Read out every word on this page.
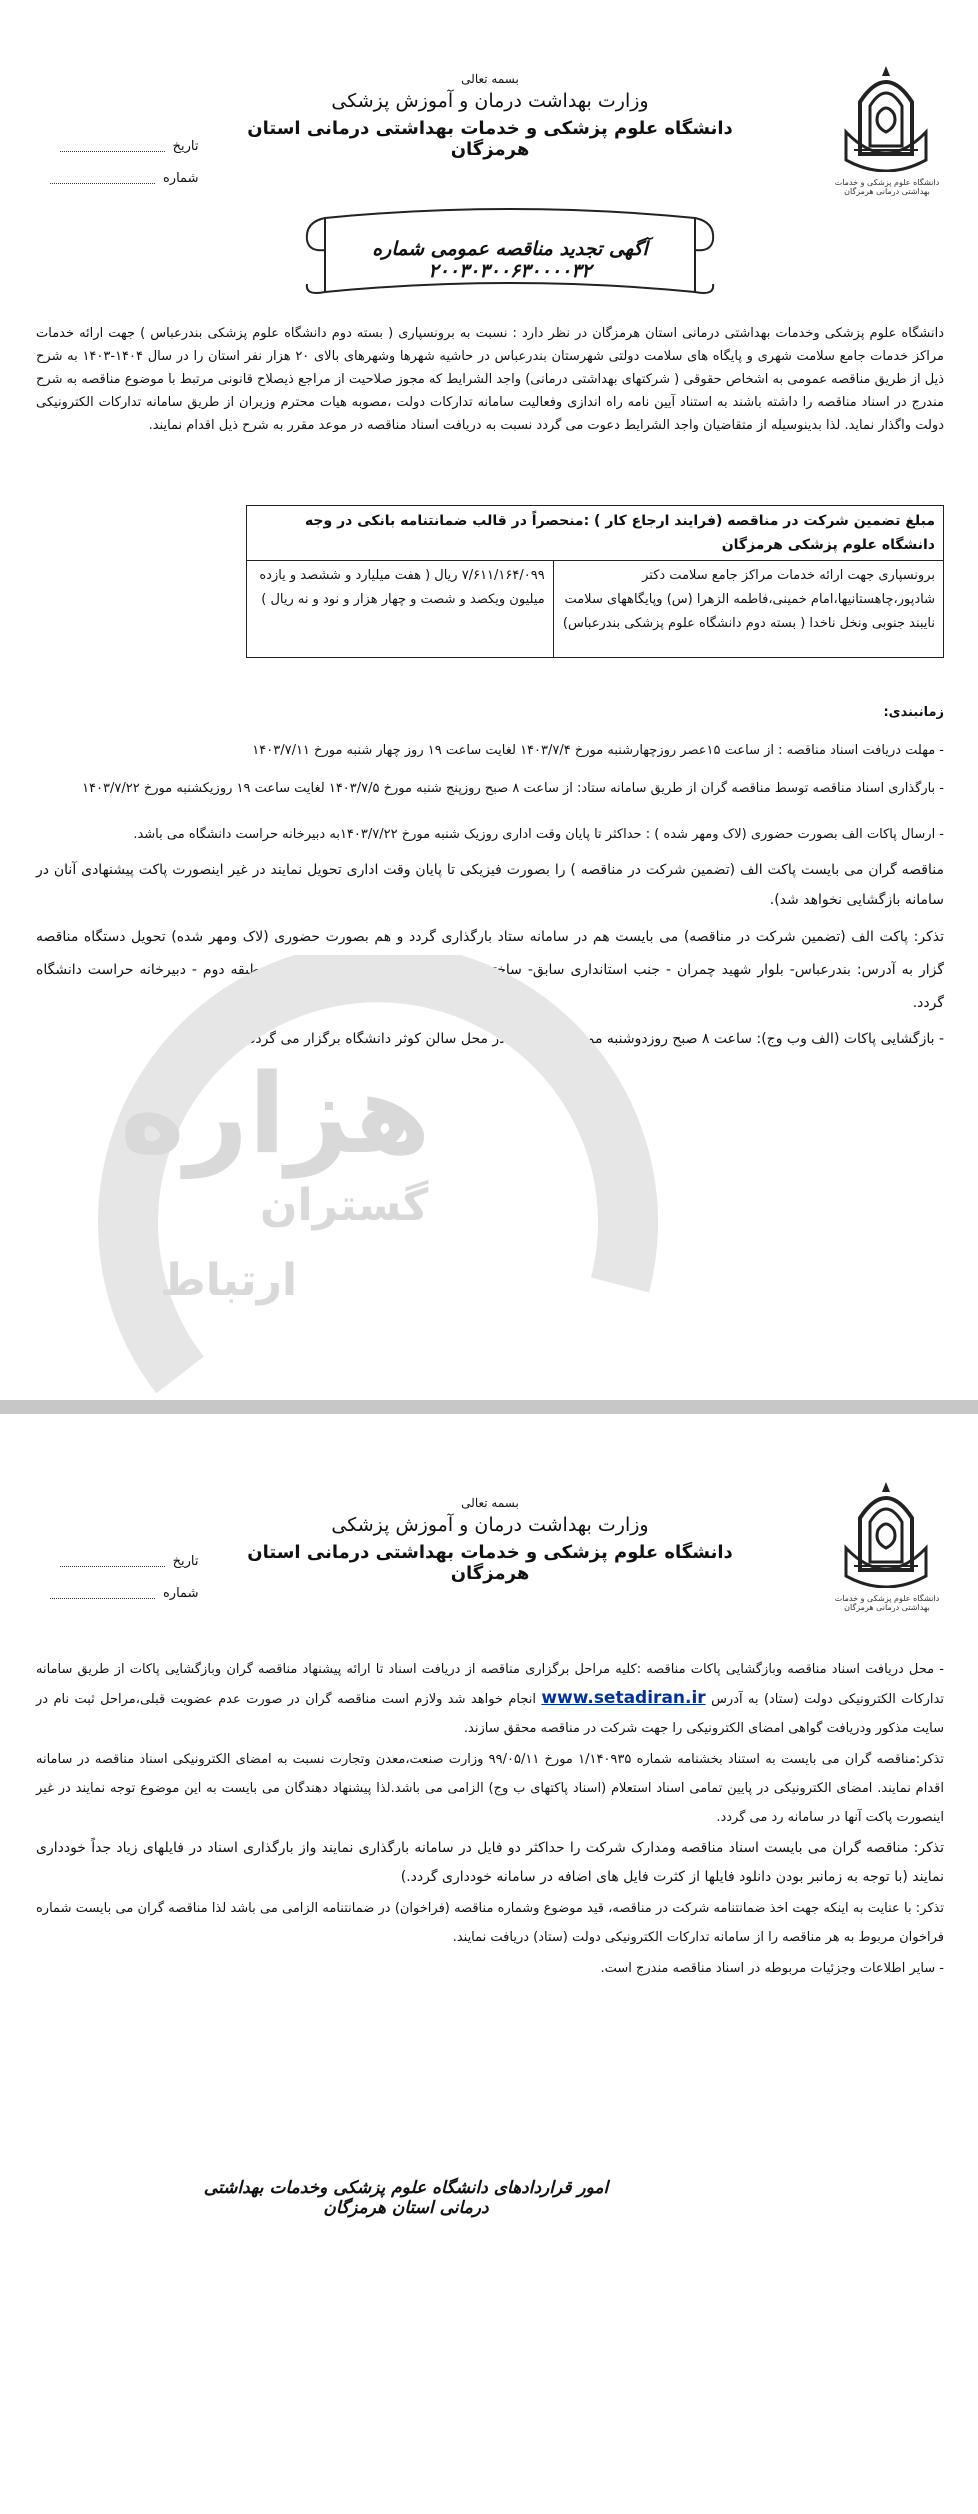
دانشگاه علوم پزشکی و خدمات بهداشتی درمانی هرمزگان

بسمه تعالی

وزارت بهداشت درمان و آموزش پزشکی

دانشگاه علوم پزشکی و خدمات بهداشتی درمانی استان هرمزگان

تاریخ
شماره
آگهی تجدید مناقصه عمومی شماره ۲۰۰۳۰۳۰۰۶۳۰۰۰۰۳۲

دانشگاه علوم پزشکی وخدمات بهداشتی درمانی استان هرمزگان در نظر دارد : نسبت به برونسپاری ( بسته دوم دانشگاه علوم پزشکی بندرعباس ) جهت ارائه خدمات مراکز خدمات جامع سلامت شهری و پایگاه های سلامت دولتی شهرستان بندرعباس در حاشیه شهرها وشهرهای بالای ۲۰ هزار نفر استان را در سال ۱۴۰۴-۱۴۰۳ به شرح ذیل از طریق مناقصه عمومی به اشخاص حقوقی ( شرکتهای بهداشتی درمانی) واجد الشرایط که مجوز صلاحیت از مراجع ذیصلاح قانونی مرتبط با موضوع مناقصه به شرح مندرج در اسناد مناقصه را داشته باشند به استناد آیین نامه راه اندازی وفعالیت سامانه تدارکات دولت ،مصوبه هیات محترم وزیران از طریق سامانه تدارکات الکترونیکی دولت واگذار نماید. لذا بدینوسیله از متقاضیان واجد الشرایط دعوت می گردد نسبت به دریافت اسناد مناقصه در موعد مقرر به شرح ذیل اقدام نمایند.

مبلغ تضمین شرکت در مناقصه (فرایند ارجاع کار ) :منحصراً در قالب ضمانتنامه بانکی در وجه دانشگاه علوم پزشکی هرمزگان
برونسپاری جهت ارائه خدمات مراکز جامع سلامت دکتر شادپور،چاهستانیها،امام خمینی،فاطمه الزهرا (س) وپایگاههای سلامت نایبند جنوبی ونخل ناخدا ( بسته دوم دانشگاه علوم پزشکی بندرعباس)	۷/۶۱۱/۱۶۴/۰۹۹ ریال ( هفت میلیارد و ششصد و یازده میلیون ویکصد و شصت و چهار هزار و نود و نه ریال )

زمانبندی:

- مهلت دریافت اسناد مناقصه : از ساعت ۱۵عصر روزچهارشنبه مورخ ۱۴۰۳/۷/۴ لغایت ساعت ۱۹ روز چهار شنبه مورخ ۱۴۰۳/۷/۱۱

- بارگذاری اسناد مناقصه توسط مناقصه گران از طریق سامانه ستاد: از ساعت ۸ صبح روزپنج شنبه مورخ ۱۴۰۳/۷/۵ لغایت ساعت ۱۹ روزیکشنبه مورخ ۱۴۰۳/۷/۲۲

- ارسال پاکات الف بصورت حضوری (لاک ومهر شده ) : حداکثر تا پایان وقت اداری روزیک شنبه مورخ ۱۴۰۳/۷/۲۲به دبیرخانه حراست دانشگاه می باشد.

مناقصه گران می بایست پاکت الف (تضمین شرکت در مناقصه ) را بصورت فیزیکی تا پایان وقت اداری تحویل نمایند در غیر اینصورت پاکت پیشنهادی آنان در سامانه بازگشایی نخواهد شد).

تذکر: پاکت الف (تضمین شرکت در مناقصه) می بایست هم در سامانه ستاد بارگذاری گردد و هم بصورت حضوری (لاک ومهر شده) تحویل دستگاه مناقصه گزار به آدرس: بندرعباس- بلوار شهید چمران - جنب استانداری سابق- ساختمان دانشگاه علوم پزشکی هرمزگان - طبقه دوم - دبیرخانه حراست دانشگاه گردد.

- بازگشایی پاکات (الف وب وج): ساعت ۸ صبح روزدوشنبه مورخ ۱۴۰۳/۷/۲۳در محل سالن کوثر دانشگاه برگزار می گردد.

هزاره
ارتباط
گستران
دانشگاه علوم پزشکی و خدمات بهداشتی درمانی هرمزگان

بسمه تعالی

وزارت بهداشت درمان و آموزش پزشکی

دانشگاه علوم پزشکی و خدمات بهداشتی درمانی استان هرمزگان

تاریخ
شماره

- محل دریافت اسناد مناقصه وبازگشایی پاکات مناقصه :کلیه مراحل برگزاری مناقصه از دریافت اسناد تا ارائه پیشنهاد مناقصه گران وبازگشایی پاکات از طریق سامانه تدارکات الکترونیکی دولت (ستاد) به آدرس www.setadiran.ir انجام خواهد شد ولازم است مناقصه گران در صورت عدم عضویت قبلی،مراحل ثبت نام در سایت مذکور ودریافت گواهی امضای الکترونیکی را جهت شرکت در مناقصه محقق سازند.

تذکر:مناقصه گران می بایست به استناد بخشنامه شماره ۱/۱۴۰۹۳۵ مورخ ۹۹/۰۵/۱۱ وزارت صنعت،معدن وتجارت نسبت به امضای الکترونیکی اسناد مناقصه در سامانه اقدام نمایند. امضای الکترونیکی در پایین تمامی اسناد استعلام (اسناد پاکتهای ب وج) الزامی می باشد.لذا پیشنهاد دهندگان می بایست به این موضوع توجه نمایند در غیر اینصورت پاکت آنها در سامانه رد می گردد.

تذکر: مناقصه گران می بایست اسناد مناقصه ومدارک شرکت را حداکثر دو فایل در سامانه بارگذاری نمایند واز بارگذاری اسناد در فایلهای زیاد جداً خودداری نمایند (با توجه به زمانبر بودن دانلود فایلها از کثرت فایل های اضافه در سامانه خودداری گردد.)

تذکر: با عنایت به اینکه جهت اخذ ضمانتنامه شرکت در مناقصه، قید موضوع وشماره مناقصه (فراخوان) در ضمانتنامه الزامی می باشد لذا مناقصه گران می بایست شماره فراخوان مربوط به هر مناقصه را از سامانه تدارکات الکترونیکی دولت (ستاد) دریافت نمایند.

- سایر اطلاعات وجزئیات مربوطه در اسناد مناقصه مندرج است.

امور قراردادهای دانشگاه علوم پزشکی وخدمات بهداشتی درمانی استان هرمزگان
